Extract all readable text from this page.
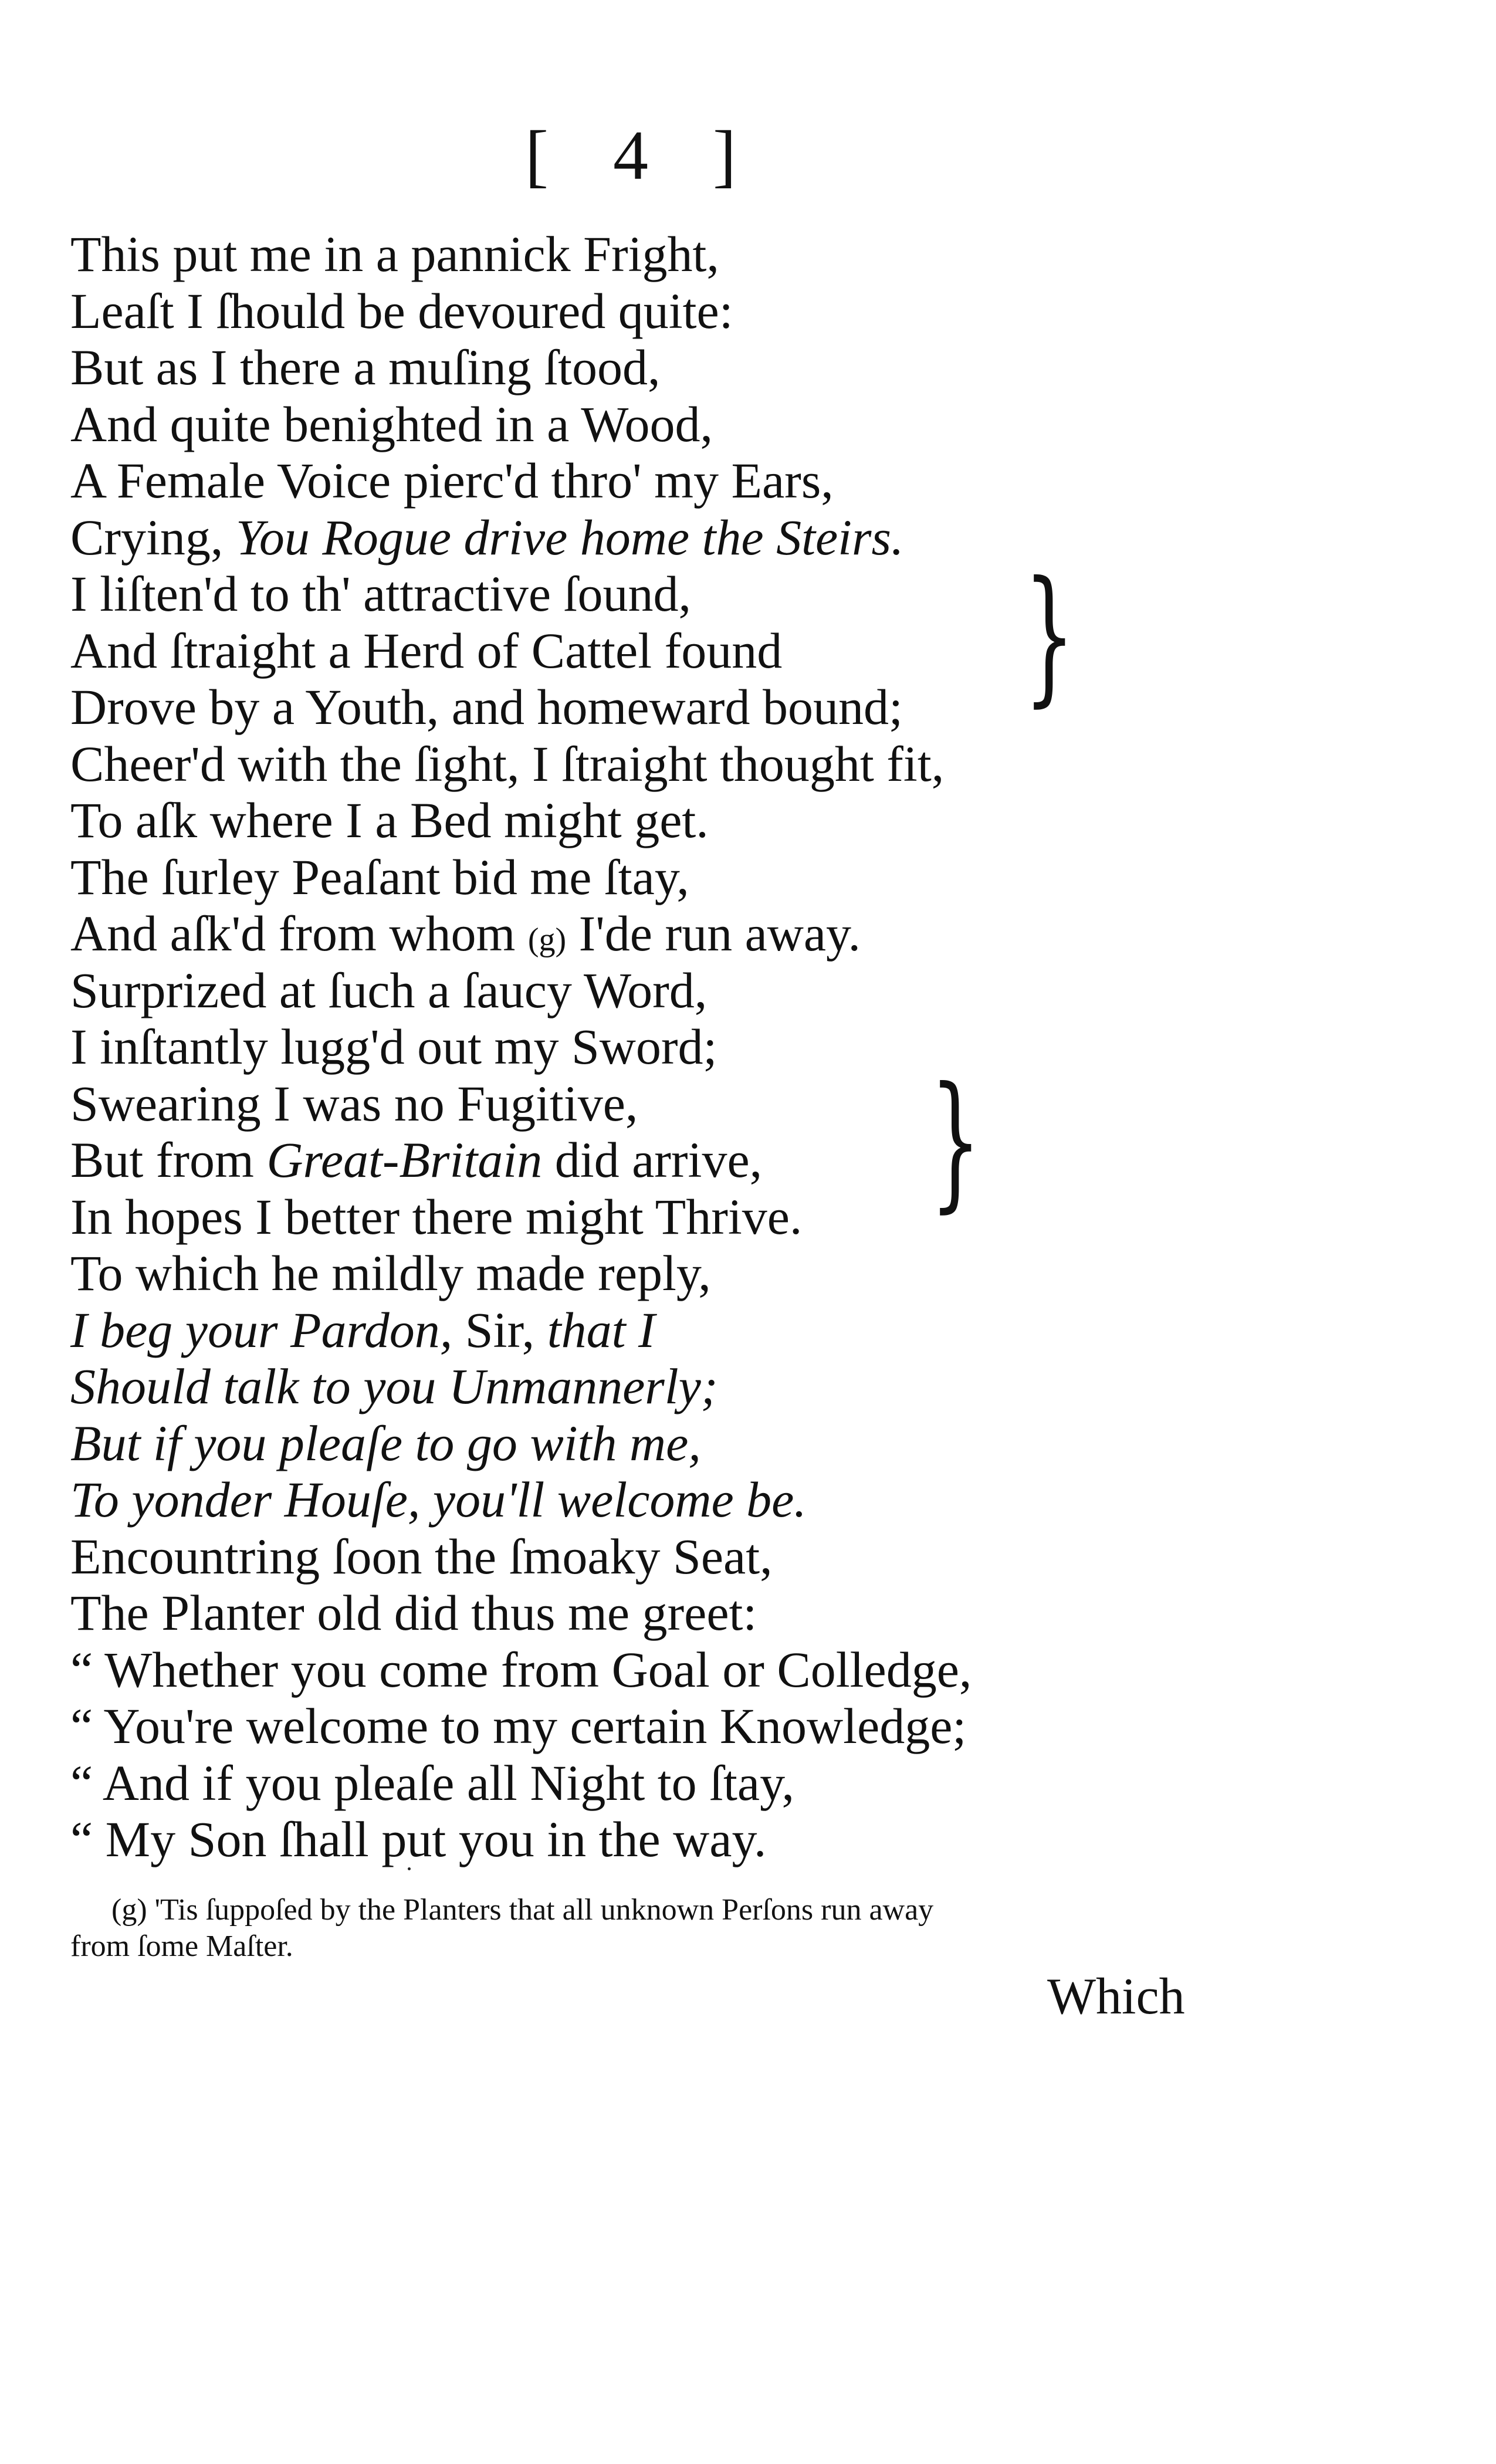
[ 4 ]
This put me in a pannick Fright,
Leaſt I ſhould be devoured quite:
But as I there a muſing ſtood,
And quite benighted in a Wood,
A Female Voice pierc'd thro' my Ears,
Crying, You Rogue drive home the Steirs.
I liſten'd to th' attractive ſound,
And ſtraight a Herd of Cattel found
Drove by a Youth, and homeward bound;
Cheer'd with the ſight, I ſtraight thought fit,
To aſk where I a Bed might get.
The ſurley Peaſant bid me ſtay,
And aſk'd from whom (g) I'de run away.
Surprized at ſuch a ſaucy Word,
I inſtantly lugg'd out my Sword;
Swearing I was no Fugitive,
But from Great-Britain did arrive,
In hopes I better there might Thrive.
To which he mildly made reply,
I beg your Pardon, Sir, that I
Should talk to you Unmannerly;
But if you pleaſe to go with me,
To yonder Houſe, you'll welcome be.
Encountring ſoon the ſmoaky Seat,
The Planter old did thus me greet:
“ Whether you come from Goal or Colledge,
“ You're welcome to my certain Knowledge;
“ And if you pleaſe all Night to ſtay,
“ My Son ſhall put you in the way.
}
}
(g) 'Tis ſuppoſed by the Planters that all unknown Perſons run away
from ſome Maſter.
Which
